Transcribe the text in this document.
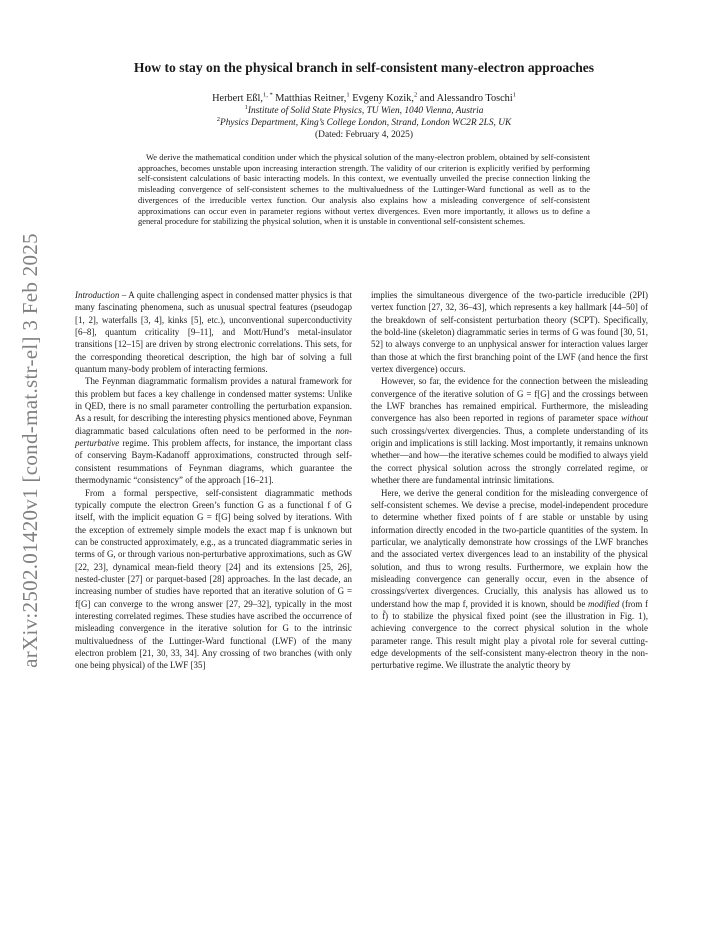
arXiv:2502.01420v1 [cond-mat.str-el] 3 Feb 2025
How to stay on the physical branch in self-consistent many-electron approaches
Herbert Eßl,$^{1, *}$ Matthias Reitner,$^1$ Evgeny Kozik,$^2$ and Alessandro Toschi$^1$
$^1$Institute of Solid State Physics, TU Wien, 1040 Vienna, Austria
$^2$Physics Department, King’s College London, Strand, London WC2R 2LS, UK
(Dated: February 4, 2025)
We derive the mathematical condition under which the physical solution of the many-electron problem, obtained by self-consistent approaches, becomes unstable upon increasing interaction strength. The validity of our criterion is explicitly verified by performing self-consistent calculations of basic interacting models. In this context, we eventually unveiled the precise connection linking the misleading convergence of self-consistent schemes to the multivaluedness of the Luttinger-Ward functional as well as to the divergences of the irreducible vertex function. Our analysis also explains how a misleading convergence of self-consistent approximations can occur even in parameter regions without vertex divergences. Even more importantly, it allows us to define a general procedure for stabilizing the physical solution, when it is unstable in conventional self-consistent schemes.

Introduction – A quite challenging aspect in condensed matter physics is that many fascinating phenomena, such as unusual spectral features (pseudogap [1, 2], waterfalls [3, 4], kinks [5], etc.), unconventional superconductivity [6–8], quantum criticality [9–11], and Mott/Hund’s metal-insulator transitions [12–15] are driven by strong electronic correlations. This sets, for the corresponding theoretical description, the high bar of solving a full quantum many-body problem of interacting fermions.

The Feynman diagrammatic formalism provides a natural framework for this problem but faces a key challenge in condensed matter systems: Unlike in QED, there is no small parameter controlling the perturbation expansion. As a result, for describing the interesting physics mentioned above, Feynman diagrammatic based calculations often need to be performed in the non-perturbative regime. This problem affects, for instance, the important class of conserving Baym-Kadanoff approximations, constructed through self-consistent resummations of Feynman diagrams, which guarantee the thermodynamic “consistency” of the approach [16–21].

From a formal perspective, self-consistent diagrammatic methods typically compute the electron Green’s function G as a functional f of G itself, with the implicit equation G = f[G] being solved by iterations. With the exception of extremely simple models the exact map f is unknown but can be constructed approximately, e.g., as a truncated diagrammatic series in terms of G, or through various non-perturbative approximations, such as GW [22, 23], dynamical mean-field theory [24] and its extensions [25, 26], nested-cluster [27] or parquet-based [28] approaches. In the last decade, an increasing number of studies have reported that an iterative solution of G = f[G] can converge to the wrong answer [27, 29–32], typically in the most interesting correlated regimes. These studies have ascribed the occurrence of misleading convergence in the iterative solution for G to the intrinsic multivaluedness of the Luttinger-Ward functional (LWF) of the many electron problem [21, 30, 33, 34]. Any crossing of two branches (with only one being physical) of the LWF [35]

implies the simultaneous divergence of the two-particle irreducible (2PI) vertex function [27, 32, 36–43], which represents a key hallmark [44–50] of the breakdown of self-consistent perturbation theory (SCPT). Specifically, the bold-line (skeleton) diagrammatic series in terms of G was found [30, 51, 52] to always converge to an unphysical answer for interaction values larger than those at which the first branching point of the LWF (and hence the first vertex divergence) occurs.

However, so far, the evidence for the connection between the misleading convergence of the iterative solution of G = f[G] and the crossings between the LWF branches has remained empirical. Furthermore, the misleading convergence has also been reported in regions of parameter space without such crossings/vertex divergencies. Thus, a complete understanding of its origin and implications is still lacking. Most importantly, it remains unknown whether—and how—the iterative schemes could be modified to always yield the correct physical solution across the strongly correlated regime, or whether there are fundamental intrinsic limitations.

Here, we derive the general condition for the misleading convergence of self-consistent schemes. We devise a precise, model-independent procedure to determine whether fixed points of f are stable or unstable by using information directly encoded in the two-particle quantities of the system. In particular, we analytically demonstrate how crossings of the LWF branches and the associated vertex divergences lead to an instability of the physical solution, and thus to wrong results. Furthermore, we explain how the misleading convergence can generally occur, even in the absence of crossings/vertex divergences. Crucially, this analysis has allowed us to understand how the map f, provided it is known, should be modified (from f to f̃) to stabilize the physical fixed point (see the illustration in Fig. 1), achieving convergence to the correct physical solution in the whole parameter range. This result might play a pivotal role for several cutting-edge developments of the self-consistent many-electron theory in the non-perturbative regime. We illustrate the analytic theory by
